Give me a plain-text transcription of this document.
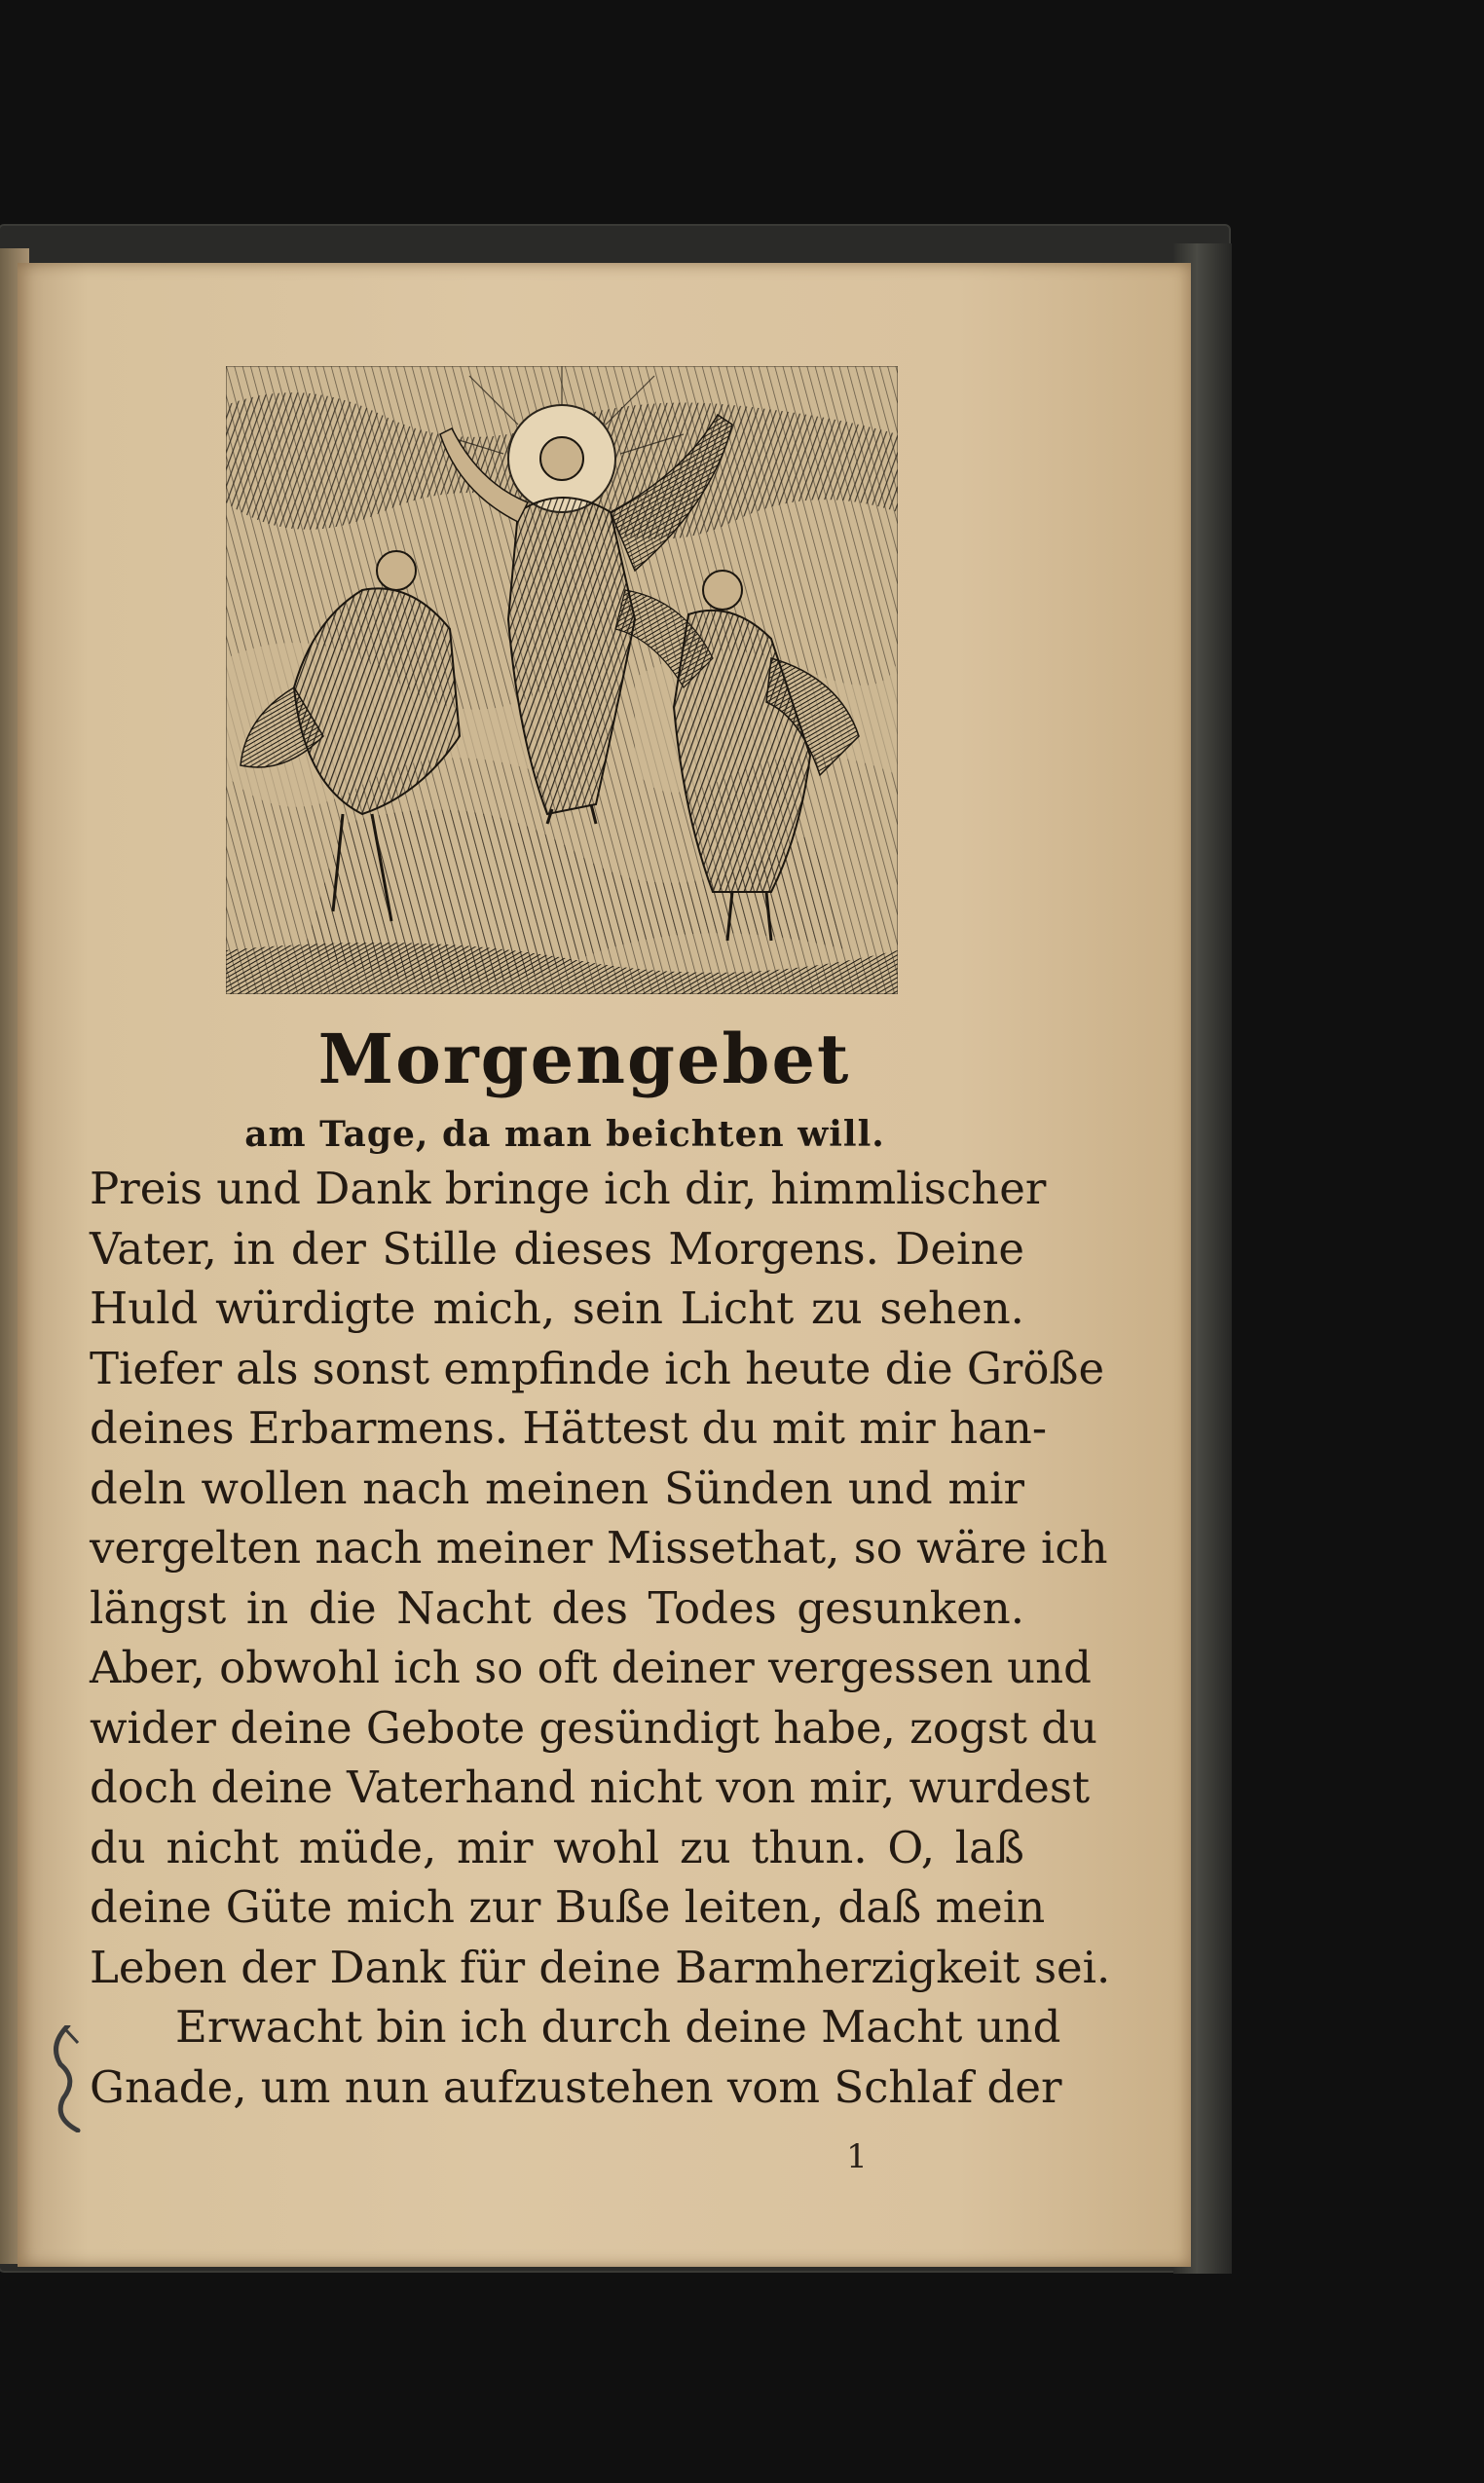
Morgengebet
am Tage, da man beichten will.
Preis und Dank bringe ich dir, himmlischer
Vater, in der Stille dieses Morgens. Deine
Huld würdigte mich, sein Licht zu sehen.
Tiefer als sonst empfinde ich heute die Größe
deines Erbarmens. Hättest du mit mir han-
deln wollen nach meinen Sünden und mir
vergelten nach meiner Missethat, so wäre ich
längst in die Nacht des Todes gesunken.
Aber, obwohl ich so oft deiner vergessen und
wider deine Gebote gesündigt habe, zogst du
doch deine Vaterhand nicht von mir, wurdest
du nicht müde, mir wohl zu thun. O, laß
deine Güte mich zur Buße leiten, daß mein
Leben der Dank für deine Barmherzigkeit sei.
Erwacht bin ich durch deine Macht und
Gnade, um nun aufzustehen vom Schlaf der
1
